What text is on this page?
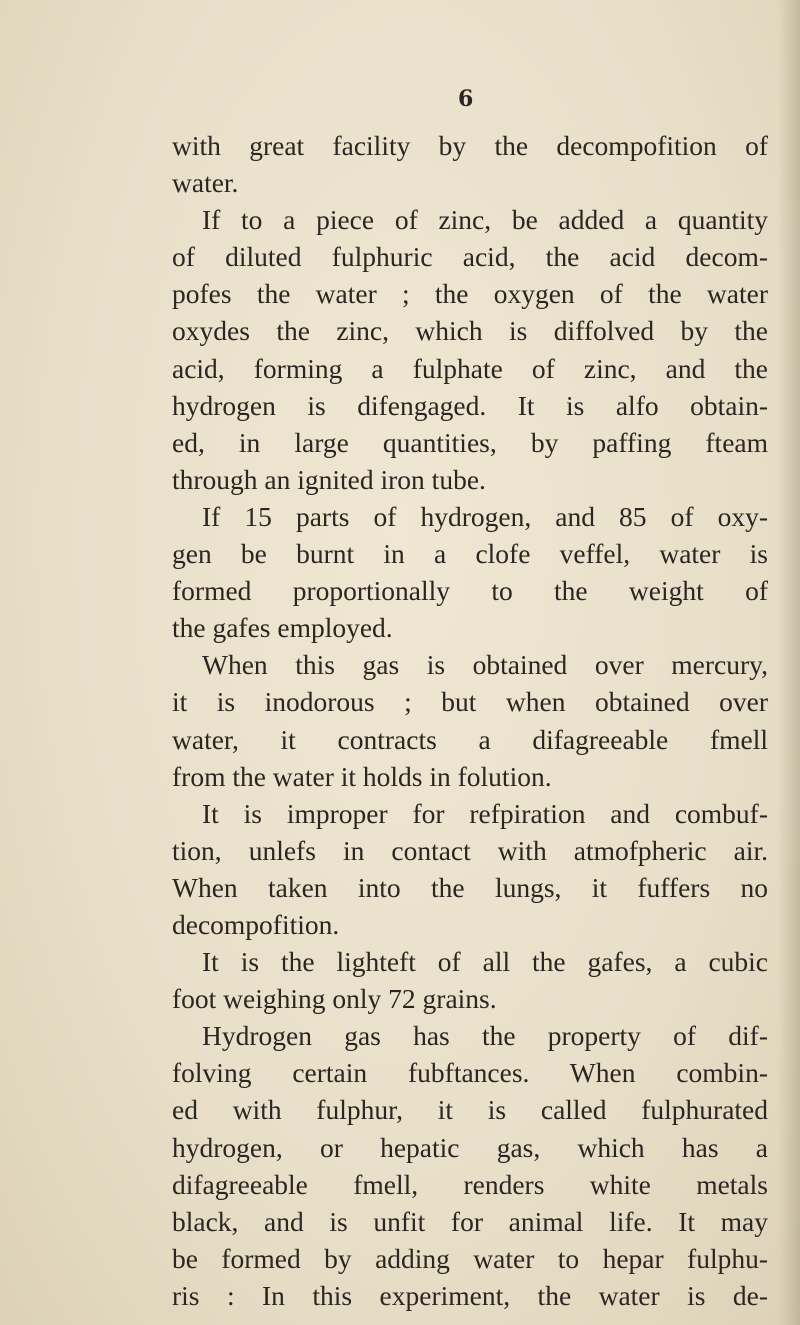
6
with great facility by the decompofition of
water.
If to a piece of zinc, be added a quantity
of diluted fulphuric acid, the acid decom-
pofes the water ; the oxygen of the water
oxydes the zinc, which is diffolved by the
acid, forming a fulphate of zinc, and the
hydrogen is difengaged. It is alfo obtain-
ed, in large quantities, by paffing fteam
through an ignited iron tube.
If 15 parts of hydrogen, and 85 of oxy-
gen be burnt in a clofe veffel, water is
formed proportionally to the weight of
the gafes employed.
When this gas is obtained over mercury,
it is inodorous ; but when obtained over
water, it contracts a difagreeable fmell
from the water it holds in folution.
It is improper for refpiration and combuf-
tion, unlefs in contact with atmofpheric air.
When taken into the lungs, it fuffers no
decompofition.
It is the lighteft of all the gafes, a cubic
foot weighing only 72 grains.
Hydrogen gas has the property of dif-
folving certain fubftances. When combin-
ed with fulphur, it is called fulphurated
hydrogen, or hepatic gas, which has a
difagreeable fmell, renders white metals
black, and is unfit for animal life. It may
be formed by adding water to hepar fulphu-
ris : In this experiment, the water is de-
